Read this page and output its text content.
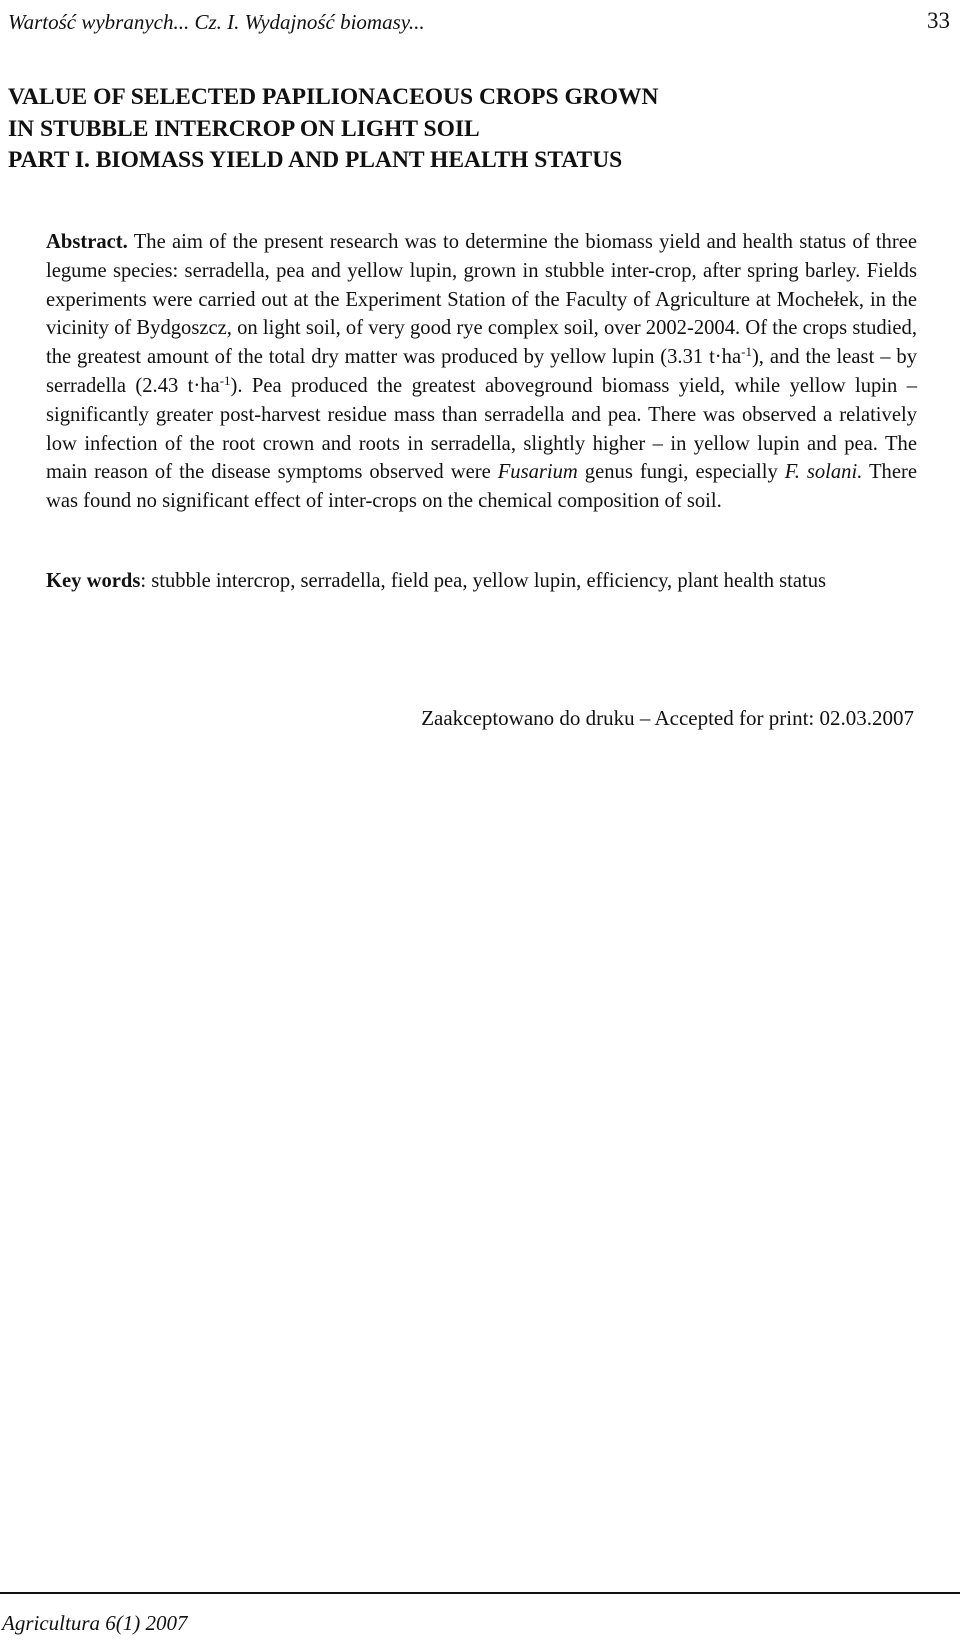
Wartość wybranych... Cz. I. Wydajność biomasy...	33
VALUE OF SELECTED PAPILIONACEOUS CROPS GROWN
IN STUBBLE INTERCROP ON LIGHT SOIL
PART I. BIOMASS YIELD AND PLANT HEALTH STATUS

Abstract. The aim of the present research was to determine the biomass yield and health status of three legume species: serradella, pea and yellow lupin, grown in stubble inter-crop, after spring barley. Fields experiments were carried out at the Experiment Station of the Faculty of Agriculture at Mochełek, in the vicinity of Bydgoszcz, on light soil, of very good rye complex soil, over 2002-2004. Of the crops studied, the greatest amount of the total dry matter was produced by yellow lupin (3.31 $t\cdot ha^{-1}$), and the least – by serradella (2.43 $t\cdot ha^{-1}$). Pea produced the greatest aboveground biomass yield, while yellow lupin – significantly greater post-harvest residue mass than serradella and pea. There was observed a relatively low infection of the root crown and roots in serradella, slightly higher – in yellow lupin and pea. The main reason of the disease symptoms observed were Fusarium genus fungi, especially F. solani. There was found no significant effect of inter-crops on the chemical composition of soil.

Key words: stubble intercrop, serradella, field pea, yellow lupin, efficiency, plant health status

Zaakceptowano do druku – Accepted for print: 02.03.2007
Agricultura 6(1) 2007
